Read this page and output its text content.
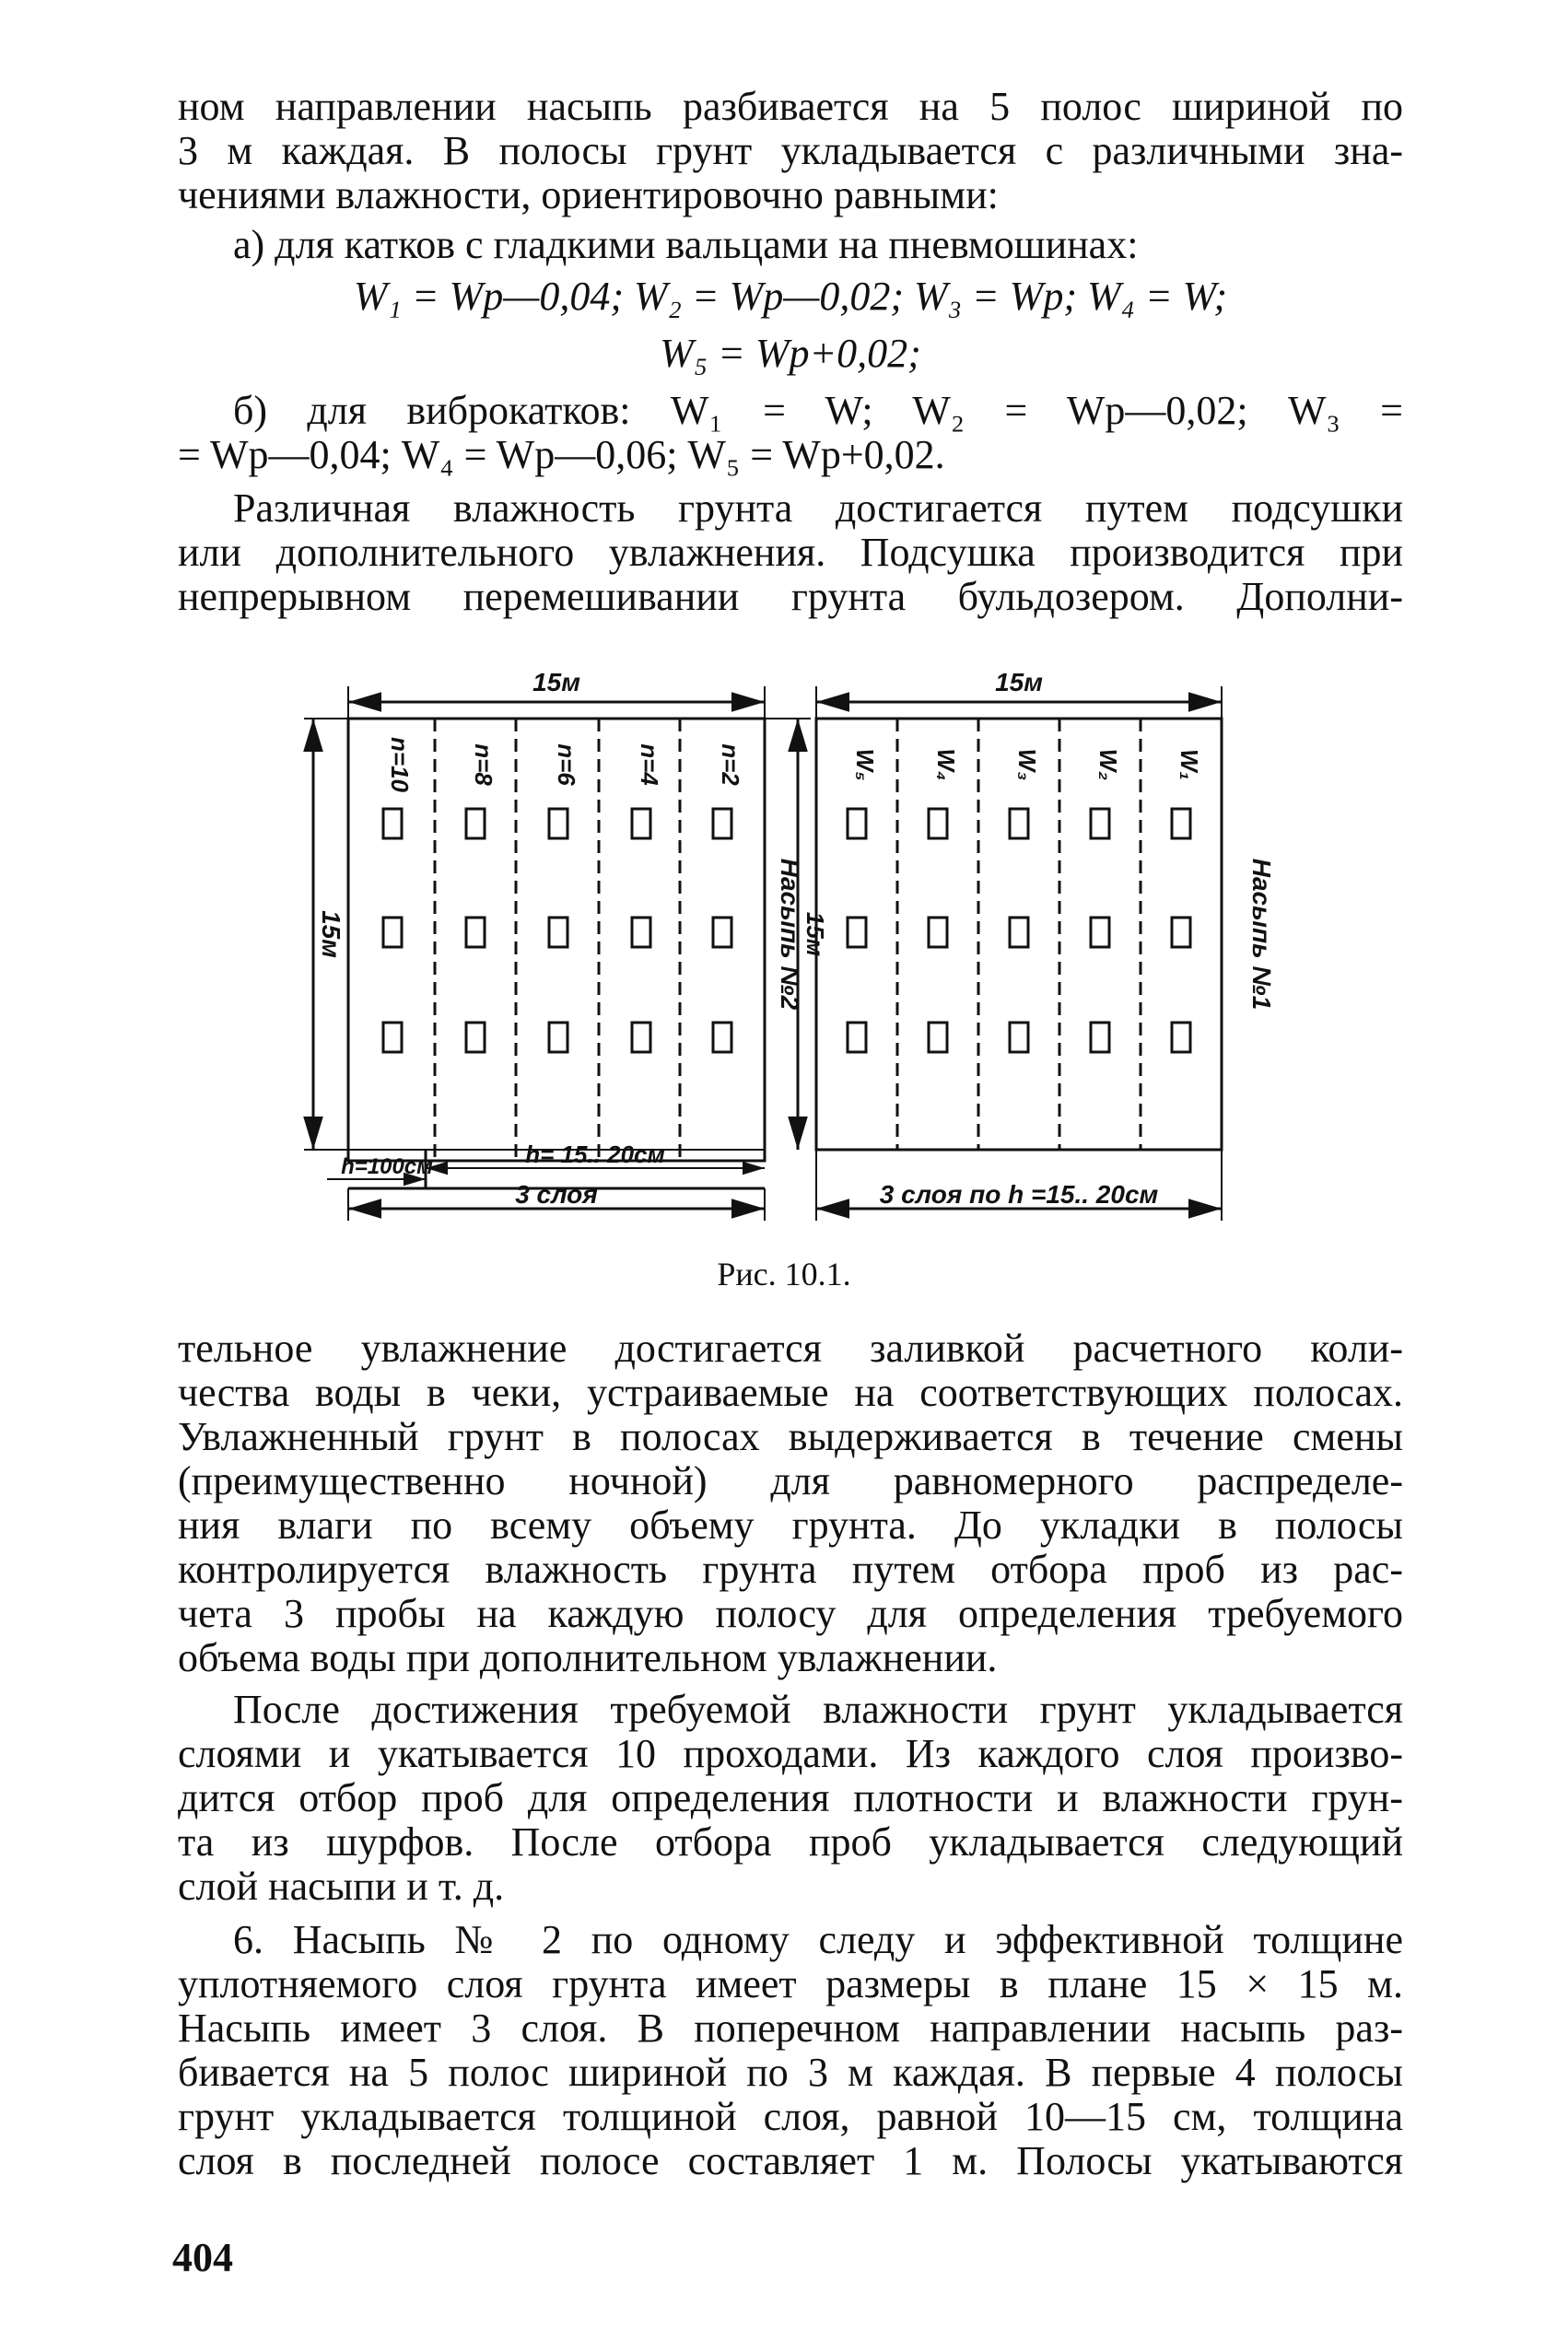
ном направлении насыпь разбивается на 5 полос шириной по
3 м каждая. В полосы грунт укладывается с различными зна-
чениями влажности, ориентировочно равными:
а) для катков с гладкими вальцами на пневмошинах:
W₁ = Wр—0,04; W₂ = Wр—0,02; W₃ = Wр; W₄ = W;
W₅ = Wр+0,02;
б) для виброкатков: W₁ = W; W₂ = Wр—0,02; W₃ =
= Wр—0,04; W₄ = Wр—0,06; W₅ = Wр+0,02.
Различная влажность грунта достигается путем подсушки
или дополнительного увлажнения. Подсушка производится при
непрерывном перемешивании грунта бульдозером. Дополни-
15м
15м
n=10 n=8 n=6 n=4 n=2
Насыпь №2
15м
h=100см	h= 15.. 20см
3 слоя
15м
W₅ W₄ W₃ W₂ W₁
Насыпь №1
3 слоя по h =15.. 20см
Рис. 10.1.
тельное увлажнение достигается заливкой расчетного коли-
чества воды в чеки, устраиваемые на соответствующих полосах.
Увлажненный грунт в полосах выдерживается в течение смены
(преимущественно ночной) для равномерного распределе-
ния влаги по всему объему грунта. До укладки в полосы
контролируется влажность грунта путем отбора проб из рас-
чета 3 пробы на каждую полосу для определения требуемого
объема воды при дополнительном увлажнении.
После достижения требуемой влажности грунт укладывается
слоями и укатывается 10 проходами. Из каждого слоя произво-
дится отбор проб для определения плотности и влажности грун-
та из шурфов. После отбора проб укладывается следующий
слой насыпи и т. д.
6. Насыпь № 2 по одному следу и эффективной толщине
уплотняемого слоя грунта имеет размеры в плане 15 × 15 м.
Насыпь имеет 3 слоя. В поперечном направлении насыпь раз-
бивается на 5 полос шириной по 3 м каждая. В первые 4 полосы
грунт укладывается толщиной слоя, равной 10—15 см, толщина
слоя в последней полосе составляет 1 м. Полосы укатываются
404
